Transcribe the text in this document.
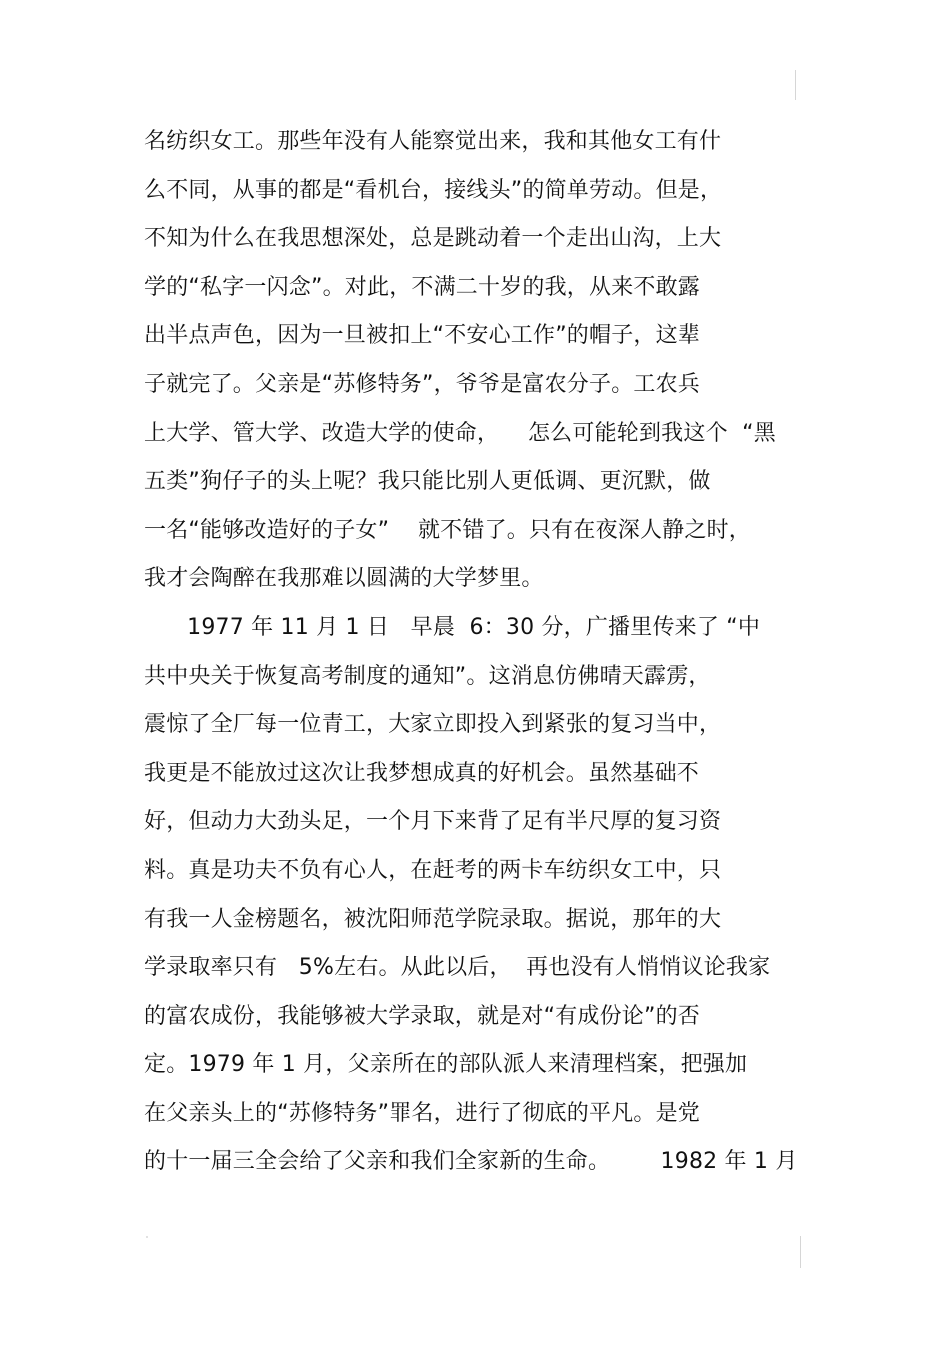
名纺织女工。那些年没有人能察觉出来，我和其他女工有什
么不同，从事的都是“看机台，接线头”的简单劳动。但是，
不知为什么在我思想深处，总是跳动着一个走出山沟，上大
学的“私字一闪念”。对此，不满二十岁的我，从来不敢露
出半点声色，因为一旦被扣上“不安心工作”的帽子，这辈
子就完了。父亲是“苏修特务”，爷爷是富农分子。工农兵
上大学、管大学、改造大学的使命，    怎么可能轮到我这个  “黑
五类”狗仔子的头上呢？我只能比别人更低调、更沉默，做
一名“能够改造好的子女”    就不错了。只有在夜深人静之时，
我才会陶醉在我那难以圆满的大学梦里。
1977 年 11 月 1 日   早晨  6：30 分，广播里传来了 “中
共中央关于恢复高考制度的通知”。这消息仿佛晴天霹雳，
震惊了全厂每一位青工，大家立即投入到紧张的复习当中，
我更是不能放过这次让我梦想成真的好机会。虽然基础不
好，但动力大劲头足，一个月下来背了足有半尺厚的复习资
料。真是功夫不负有心人，在赶考的两卡车纺织女工中，只
有我一人金榜题名，被沈阳师范学院录取。据说，那年的大
学录取率只有   5%左右。从此以后，  再也没有人悄悄议论我家
的富农成份，我能够被大学录取，就是对“有成份论”的否
定。1979 年 1 月，父亲所在的部队派人来清理档案，把强加
在父亲头上的“苏修特务”罪名，进行了彻底的平凡。是党
的十一届三全会给了父亲和我们全家新的生命。       1982 年 1 月
